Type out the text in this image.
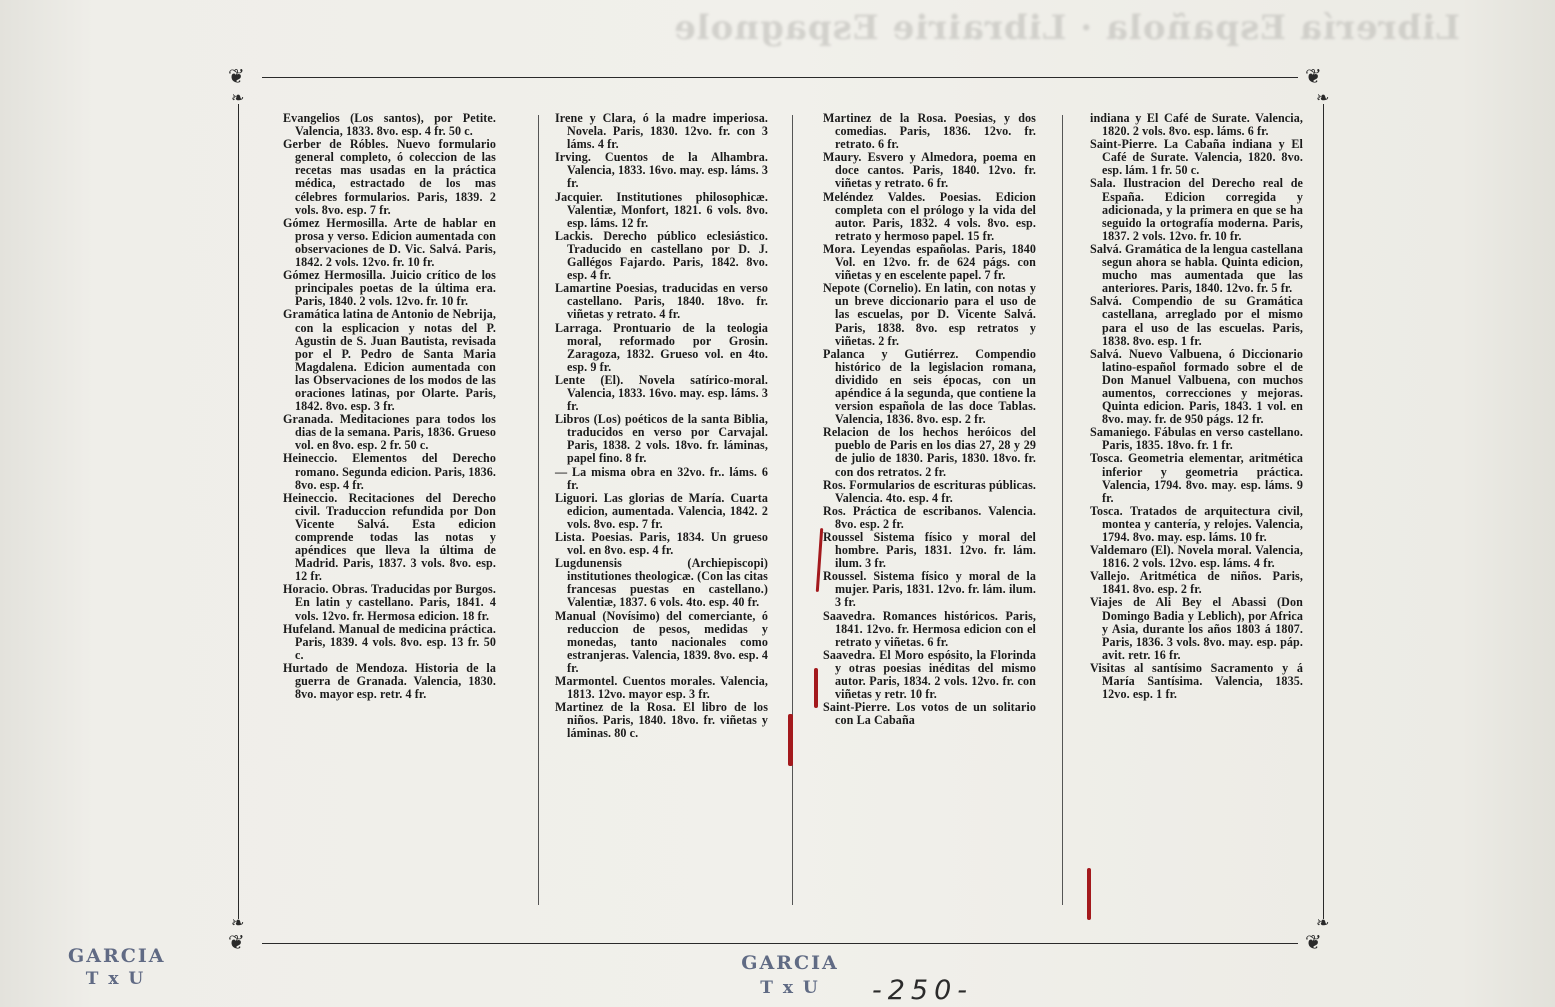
Librería Española · Librairie Espagnole
❦	❦
❦	❦
❧	❧
❧	❧

Evangelios (Los santos), por Petite. Valencia, 1833. 8vo. esp. 4 fr. 50 c.

Gerber de Róbles. Nuevo formulario general completo, ó coleccion de las recetas mas usadas en la práctica médica, estractado de los mas célebres formularios. Paris, 1839. 2 vols. 8vo. esp. 7 fr.

Gómez Hermosilla. Arte de hablar en prosa y verso. Edicion aumentada con observaciones de D. Vic. Salvá. Paris, 1842. 2 vols. 12vo. fr. 10 fr.

Gómez Hermosilla. Juicio crítico de los principales poetas de la última era. Paris, 1840. 2 vols. 12vo. fr. 10 fr.

Gramática latina de Antonio de Nebrija, con la esplicacion y notas del P. Agustin de S. Juan Bautista, revisada por el P. Pedro de Santa Maria Magdalena. Edicion aumentada con las Observaciones de los modos de las oraciones latinas, por Olarte. Paris, 1842. 8vo. esp. 3 fr.

Granada. Meditaciones para todos los dias de la semana. Paris, 1836. Grueso vol. en 8vo. esp. 2 fr. 50 c.

Heineccio. Elementos del Derecho romano. Segunda edicion. Paris, 1836. 8vo. esp. 4 fr.

Heineccio. Recitaciones del Derecho civil. Traduccion refundida por Don Vicente Salvá. Esta edicion comprende todas las notas y apéndices que lleva la última de Madrid. Paris, 1837. 3 vols. 8vo. esp. 12 fr.

Horacio. Obras. Traducidas por Burgos. En latin y castellano. Paris, 1841. 4 vols. 12vo. fr. Hermosa edicion. 18 fr.

Hufeland. Manual de medicina práctica. Paris, 1839. 4 vols. 8vo. esp. 13 fr. 50 c.

Hurtado de Mendoza. Historia de la guerra de Granada. Valencia, 1830. 8vo. mayor esp. retr. 4 fr.

Irene y Clara, ó la madre imperiosa. Novela. Paris, 1830. 12vo. fr. con 3 láms. 4 fr.

Irving. Cuentos de la Alhambra. Valencia, 1833. 16vo. may. esp. láms. 3 fr.

Jacquier. Institutiones philosophicæ. Valentiæ, Monfort, 1821. 6 vols. 8vo. esp. láms. 12 fr.

Lackis. Derecho público eclesiástico. Traducido en castellano por D. J. Gallégos Fajardo. Paris, 1842. 8vo. esp. 4 fr.

Lamartine Poesias, traducidas en verso castellano. Paris, 1840. 18vo. fr. viñetas y retrato. 4 fr.

Larraga. Prontuario de la teologia moral, reformado por Grosin. Zaragoza, 1832. Grueso vol. en 4to. esp. 9 fr.

Lente (El). Novela satírico-moral. Valencia, 1833. 16vo. may. esp. láms. 3 fr.

Libros (Los) poéticos de la santa Biblia, traducidos en verso por Carvajal. Paris, 1838. 2 vols. 18vo. fr. láminas, papel fino. 8 fr.

— La misma obra en 32vo. fr.. láms. 6 fr.

Liguori. Las glorias de María. Cuarta edicion, aumentada. Valencia, 1842. 2 vols. 8vo. esp. 7 fr.

Lista. Poesias. Paris, 1834. Un grueso vol. en 8vo. esp. 4 fr.

Lugdunensis (Archiepiscopi) institutiones theologicæ. (Con las citas francesas puestas en castellano.) Valentiæ, 1837. 6 vols. 4to. esp. 40 fr.

Manual (Novísimo) del comerciante, ó reduccion de pesos, medidas y monedas, tanto nacionales como estranjeras. Valencia, 1839. 8vo. esp. 4 fr.

Marmontel. Cuentos morales. Valencia, 1813. 12vo. mayor esp. 3 fr.

Martinez de la Rosa. El libro de los niños. Paris, 1840. 18vo. fr. viñetas y láminas. 80 c.

Martinez de la Rosa. Poesias, y dos comedias. Paris, 1836. 12vo. fr. retrato. 6 fr.

Maury. Esvero y Almedora, poema en doce cantos. Paris, 1840. 12vo. fr. viñetas y retrato. 6 fr.

Meléndez Valdes. Poesias. Edicion completa con el prólogo y la vida del autor. Paris, 1832. 4 vols. 8vo. esp. retrato y hermoso papel. 15 fr.

Mora. Leyendas españolas. Paris, 1840 Vol. en 12vo. fr. de 624 págs. con viñetas y en escelente papel. 7 fr.

Nepote (Cornelio). En latin, con notas y un breve diccionario para el uso de las escuelas, por D. Vicente Salvá. Paris, 1838. 8vo. esp retratos y viñetas. 2 fr.

Palanca y Gutiérrez. Compendio histórico de la legislacion romana, dividido en seis épocas, con un apéndice á la segunda, que contiene la version española de las doce Tablas. Valencia, 1836. 8vo. esp. 2 fr.

Relacion de los hechos heróicos del pueblo de Paris en los dias 27, 28 y 29 de julio de 1830. Paris, 1830. 18vo. fr. con dos retratos. 2 fr.

Ros. Formularios de escrituras públicas. Valencia. 4to. esp. 4 fr.

Ros. Práctica de escribanos. Valencia. 8vo. esp. 2 fr.

Roussel Sistema físico y moral del hombre. Paris, 1831. 12vo. fr. lám. ilum. 3 fr.

Roussel. Sistema físico y moral de la mujer. Paris, 1831. 12vo. fr. lám. ilum. 3 fr.

Saavedra. Romances históricos. Paris, 1841. 12vo. fr. Hermosa edicion con el retrato y viñetas. 6 fr.

Saavedra. El Moro espósito, la Florinda y otras poesias inéditas del mismo autor. Paris, 1834. 2 vols. 12vo. fr. con viñetas y retr. 10 fr.

Saint-Pierre. Los votos de un solitario con La Cabaña

indiana y El Café de Surate. Valencia, 1820. 2 vols. 8vo. esp. láms. 6 fr.

Saint-Pierre. La Cabaña indiana y El Café de Surate. Valencia, 1820. 8vo. esp. lám. 1 fr. 50 c.

Sala. Ilustracion del Derecho real de España. Edicion corregida y adicionada, y la primera en que se ha seguido la ortografía moderna. Paris, 1837. 2 vols. 12vo. fr. 10 fr.

Salvá. Gramática de la lengua castellana segun ahora se habla. Quinta edicion, mucho mas aumentada que las anteriores. Paris, 1840. 12vo. fr. 5 fr.

Salvá. Compendio de su Gramática castellana, arreglado por el mismo para el uso de las escuelas. Paris, 1838. 8vo. esp. 1 fr.

Salvá. Nuevo Valbuena, ó Diccionario latino-español formado sobre el de Don Manuel Valbuena, con muchos aumentos, correcciones y mejoras. Quinta edicion. Paris, 1843. 1 vol. en 8vo. may. fr. de 950 págs. 12 fr.

Samaniego. Fábulas en verso castellano. Paris, 1835. 18vo. fr. 1 fr.

Tosca. Geometria elementar, aritmética inferior y geometria práctica. Valencia, 1794. 8vo. may. esp. láms. 9 fr.

Tosca. Tratados de arquitectura civil, montea y cantería, y relojes. Valencia, 1794. 8vo. may. esp. láms. 10 fr.

Valdemaro (El). Novela moral. Valencia, 1816. 2 vols. 12vo. esp. láms. 4 fr.

Vallejo. Aritmética de niños. Paris, 1841. 8vo. esp. 2 fr.

Viajes de Ali Bey el Abassi (Don Domingo Badia y Leblich), por Africa y Asia, durante los años 1803 á 1807. Paris, 1836. 3 vols. 8vo. may. esp. páp. avit. retr. 16 fr.

Visitas al santísimo Sacramento y á María Santísima. Valencia, 1835. 12vo. esp. 1 fr.

GARCIA
T x U
GARCIA
T x U	-250-
